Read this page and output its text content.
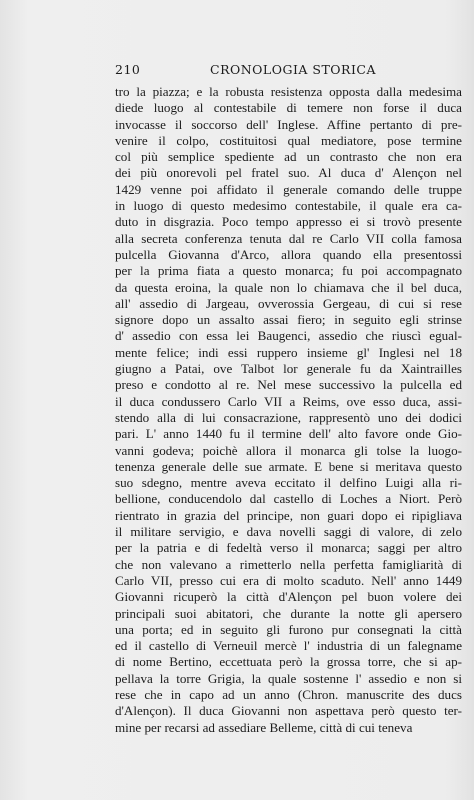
210	CRONOLOGIA STORICA
tro la piazza; e la robusta resistenza opposta dalla medesima
diede luogo al contestabile di temere non forse il duca
invocasse il soccorso dell' Inglese. Affine pertanto di pre-
venire il colpo, costituitosi qual mediatore, pose termine
col più semplice spediente ad un contrasto che non era
dei più onorevoli pel fratel suo. Al duca d' Alençon nel
1429 venne poi affidato il generale comando delle truppe
in luogo di questo medesimo contestabile, il quale era ca-
duto in disgrazia. Poco tempo appresso ei si trovò presente
alla secreta conferenza tenuta dal re Carlo VII colla famosa
pulcella Giovanna d'Arco, allora quando ella presentossi
per la prima fiata a questo monarca; fu poi accompagnato
da questa eroina, la quale non lo chiamava che il bel duca,
all' assedio di Jargeau, ovverossia Gergeau, di cui si rese
signore dopo un assalto assai fiero; in seguito egli strinse
d' assedio con essa lei Baugenci, assedio che riuscì egual-
mente felice; indi essi ruppero insieme gl' Inglesi nel 18
giugno a Patai, ove Talbot lor generale fu da Xaintrailles
preso e condotto al re. Nel mese successivo la pulcella ed
il duca condussero Carlo VII a Reims, ove esso duca, assi-
stendo alla di lui consacrazione, rappresentò uno dei dodici
pari. L' anno 1440 fu il termine dell' alto favore onde Gio-
vanni godeva; poichè allora il monarca gli tolse la luogo-
tenenza generale delle sue armate. E bene si meritava questo
suo sdegno, mentre aveva eccitato il delfino Luigi alla ri-
bellione, conducendolo dal castello di Loches a Niort. Però
rientrato in grazia del principe, non guari dopo ei ripigliava
il militare servigio, e dava novelli saggi di valore, di zelo
per la patria e di fedeltà verso il monarca; saggi per altro
che non valevano a rimetterlo nella perfetta famigliarità di
Carlo VII, presso cui era di molto scaduto. Nell' anno 1449
Giovanni ricuperò la città d'Alençon pel buon volere dei
principali suoi abitatori, che durante la notte gli apersero
una porta; ed in seguito gli furono pur consegnati la città
ed il castello di Verneuil mercè l' industria di un falegname
di nome Bertino, eccettuata però la grossa torre, che si ap-
pellava la torre Grigia, la quale sostenne l' assedio e non si
rese che in capo ad un anno (Chron. manuscrite des ducs
d'Alençon). Il duca Giovanni non aspettava però questo ter-
mine per recarsi ad assediare Belleme, città di cui teneva
